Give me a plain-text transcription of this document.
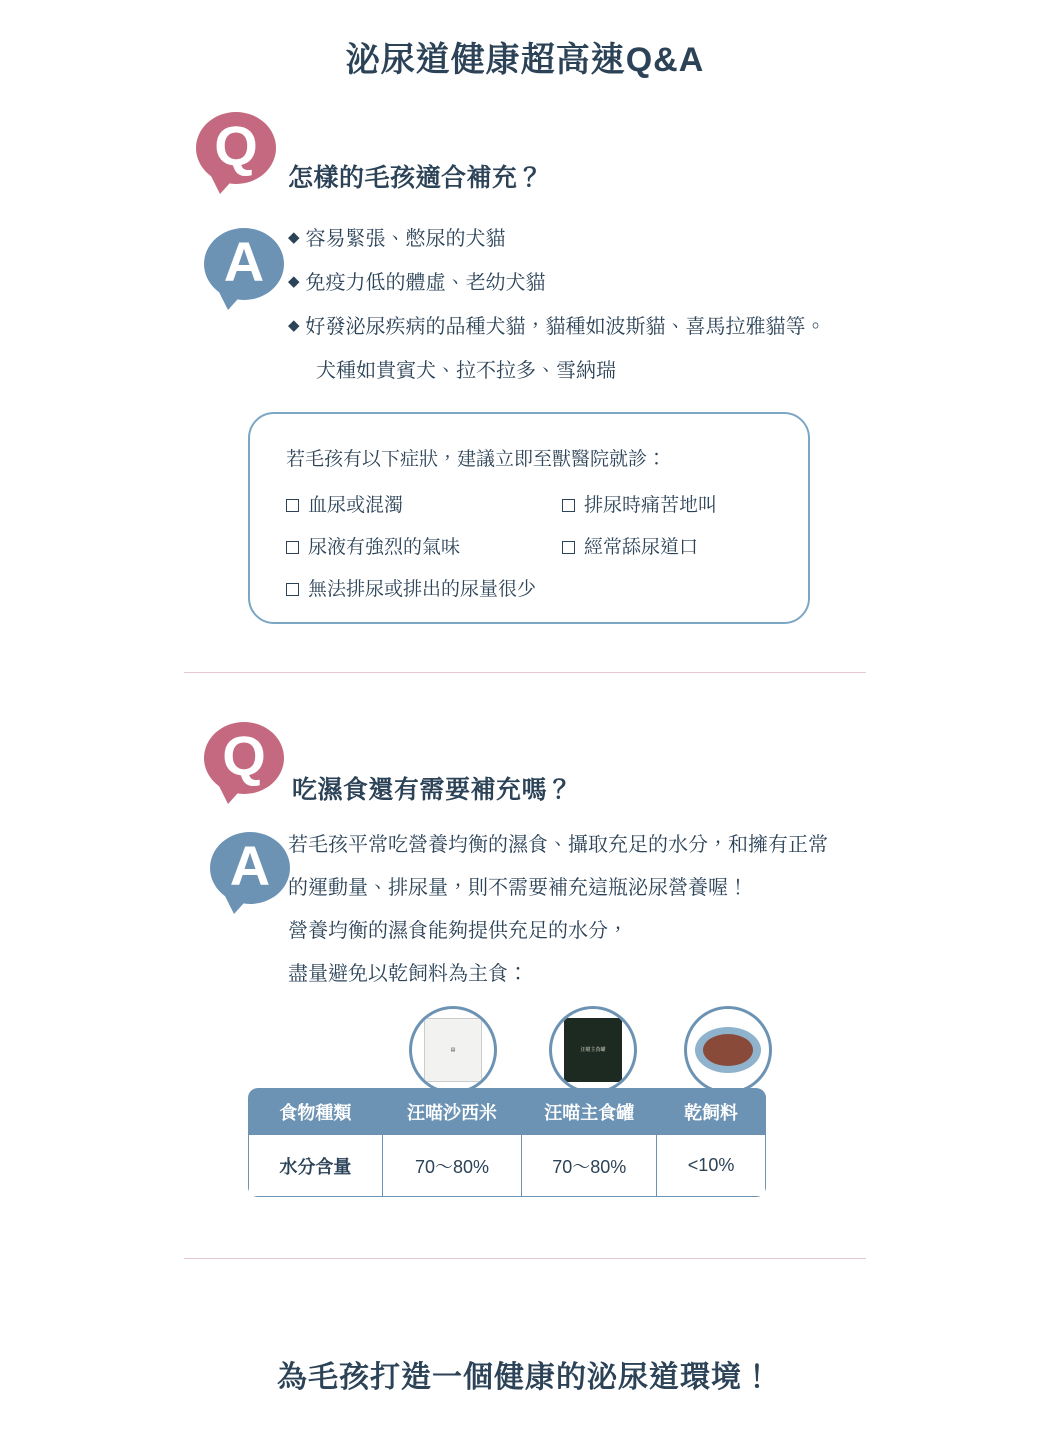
泌尿道健康超高速Q&A
Q
A
怎樣的毛孩適合補充？
◆ 容易緊張、憋尿的犬貓
◆ 免疫力低的體虛、老幼犬貓
◆ 好發泌尿疾病的品種犬貓，貓種如波斯貓、喜馬拉雅貓等。
犬種如貴賓犬、拉不拉多、雪納瑞
若毛孩有以下症狀，建議立即至獸醫院就診：
血尿或混濁	排尿時痛苦地叫
尿液有強烈的氣味	經常舔尿道口
無法排尿或排出的尿量很少
Q
A
吃濕食還有需要補充嗎？
若毛孩平常吃營養均衡的濕食、攝取充足的水分，和擁有正常
的運動量、排尿量，則不需要補充這瓶泌尿營養喔！
營養均衡的濕食能夠提供充足的水分，
盡量避免以乾飼料為主食：
▤	汪喵主食罐
食物種類	汪喵沙西米	汪喵主食罐	乾飼料
水分含量	70〜80%	70〜80%	<10%
為毛孩打造一個健康的泌尿道環境！
